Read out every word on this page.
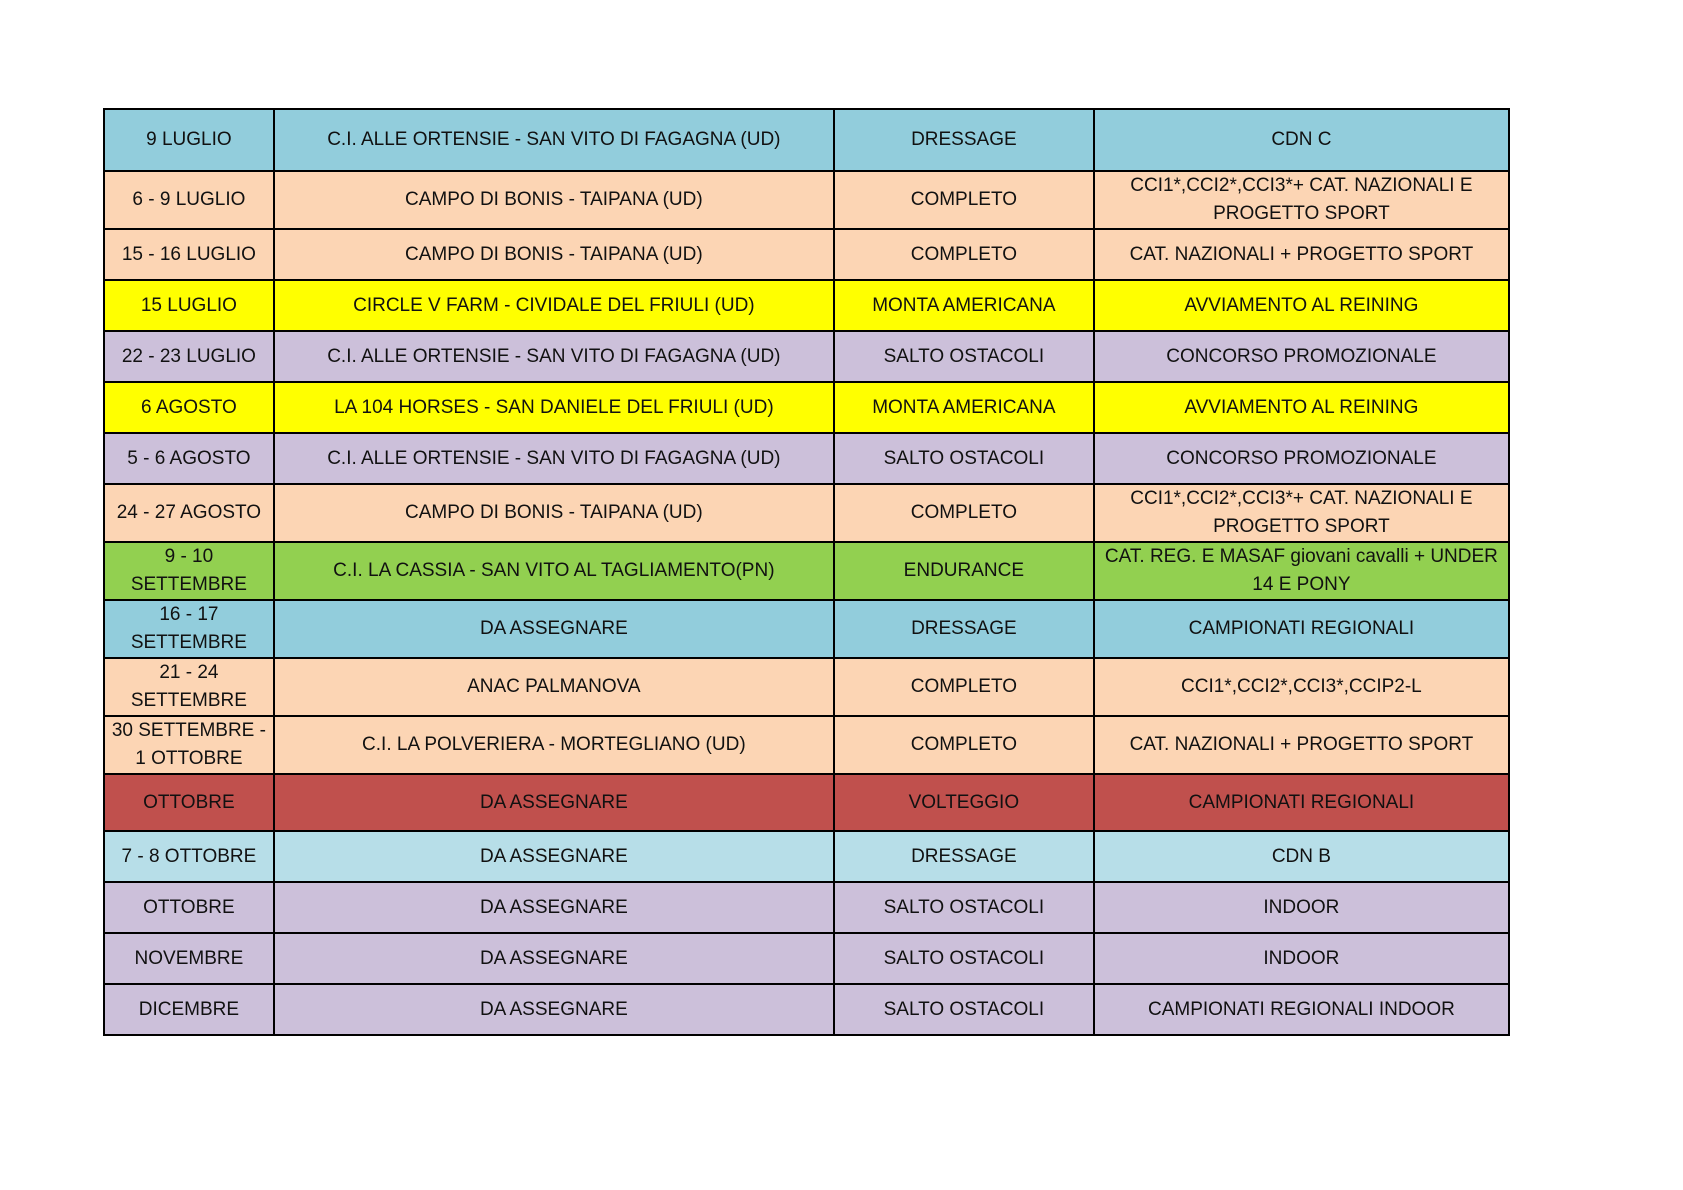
9 LUGLIO	C.I. ALLE ORTENSIE - SAN VITO DI FAGAGNA (UD)	DRESSAGE	CDN C
6 - 9 LUGLIO	CAMPO DI BONIS - TAIPANA (UD)	COMPLETO	CCI1*,CCI2*,CCI3*+ CAT. NAZIONALI E PROGETTO SPORT
15 - 16 LUGLIO	CAMPO DI BONIS - TAIPANA (UD)	COMPLETO	CAT. NAZIONALI + PROGETTO SPORT
15 LUGLIO	CIRCLE V FARM - CIVIDALE DEL FRIULI (UD)	MONTA AMERICANA	AVVIAMENTO AL REINING
22 - 23 LUGLIO	C.I. ALLE ORTENSIE - SAN VITO DI FAGAGNA (UD)	SALTO OSTACOLI	CONCORSO PROMOZIONALE
6 AGOSTO	LA 104 HORSES - SAN DANIELE DEL FRIULI (UD)	MONTA AMERICANA	AVVIAMENTO AL REINING
5 - 6 AGOSTO	C.I. ALLE ORTENSIE - SAN VITO DI FAGAGNA (UD)	SALTO OSTACOLI	CONCORSO PROMOZIONALE
24 - 27 AGOSTO	CAMPO DI BONIS - TAIPANA (UD)	COMPLETO	CCI1*,CCI2*,CCI3*+ CAT. NAZIONALI E PROGETTO SPORT
9 - 10 SETTEMBRE	C.I. LA CASSIA - SAN VITO AL TAGLIAMENTO(PN)	ENDURANCE	CAT. REG. E MASAF giovani cavalli + UNDER 14 E PONY
16 - 17 SETTEMBRE	DA ASSEGNARE	DRESSAGE	CAMPIONATI REGIONALI
21 - 24 SETTEMBRE	ANAC PALMANOVA	COMPLETO	CCI1*,CCI2*,CCI3*,CCIP2-L
30 SETTEMBRE - 1 OTTOBRE	C.I. LA POLVERIERA - MORTEGLIANO (UD)	COMPLETO	CAT. NAZIONALI + PROGETTO SPORT
OTTOBRE	DA ASSEGNARE	VOLTEGGIO	CAMPIONATI REGIONALI
7 - 8 OTTOBRE	DA ASSEGNARE	DRESSAGE	CDN B
OTTOBRE	DA ASSEGNARE	SALTO OSTACOLI	INDOOR
NOVEMBRE	DA ASSEGNARE	SALTO OSTACOLI	INDOOR
DICEMBRE	DA ASSEGNARE	SALTO OSTACOLI	CAMPIONATI REGIONALI INDOOR
